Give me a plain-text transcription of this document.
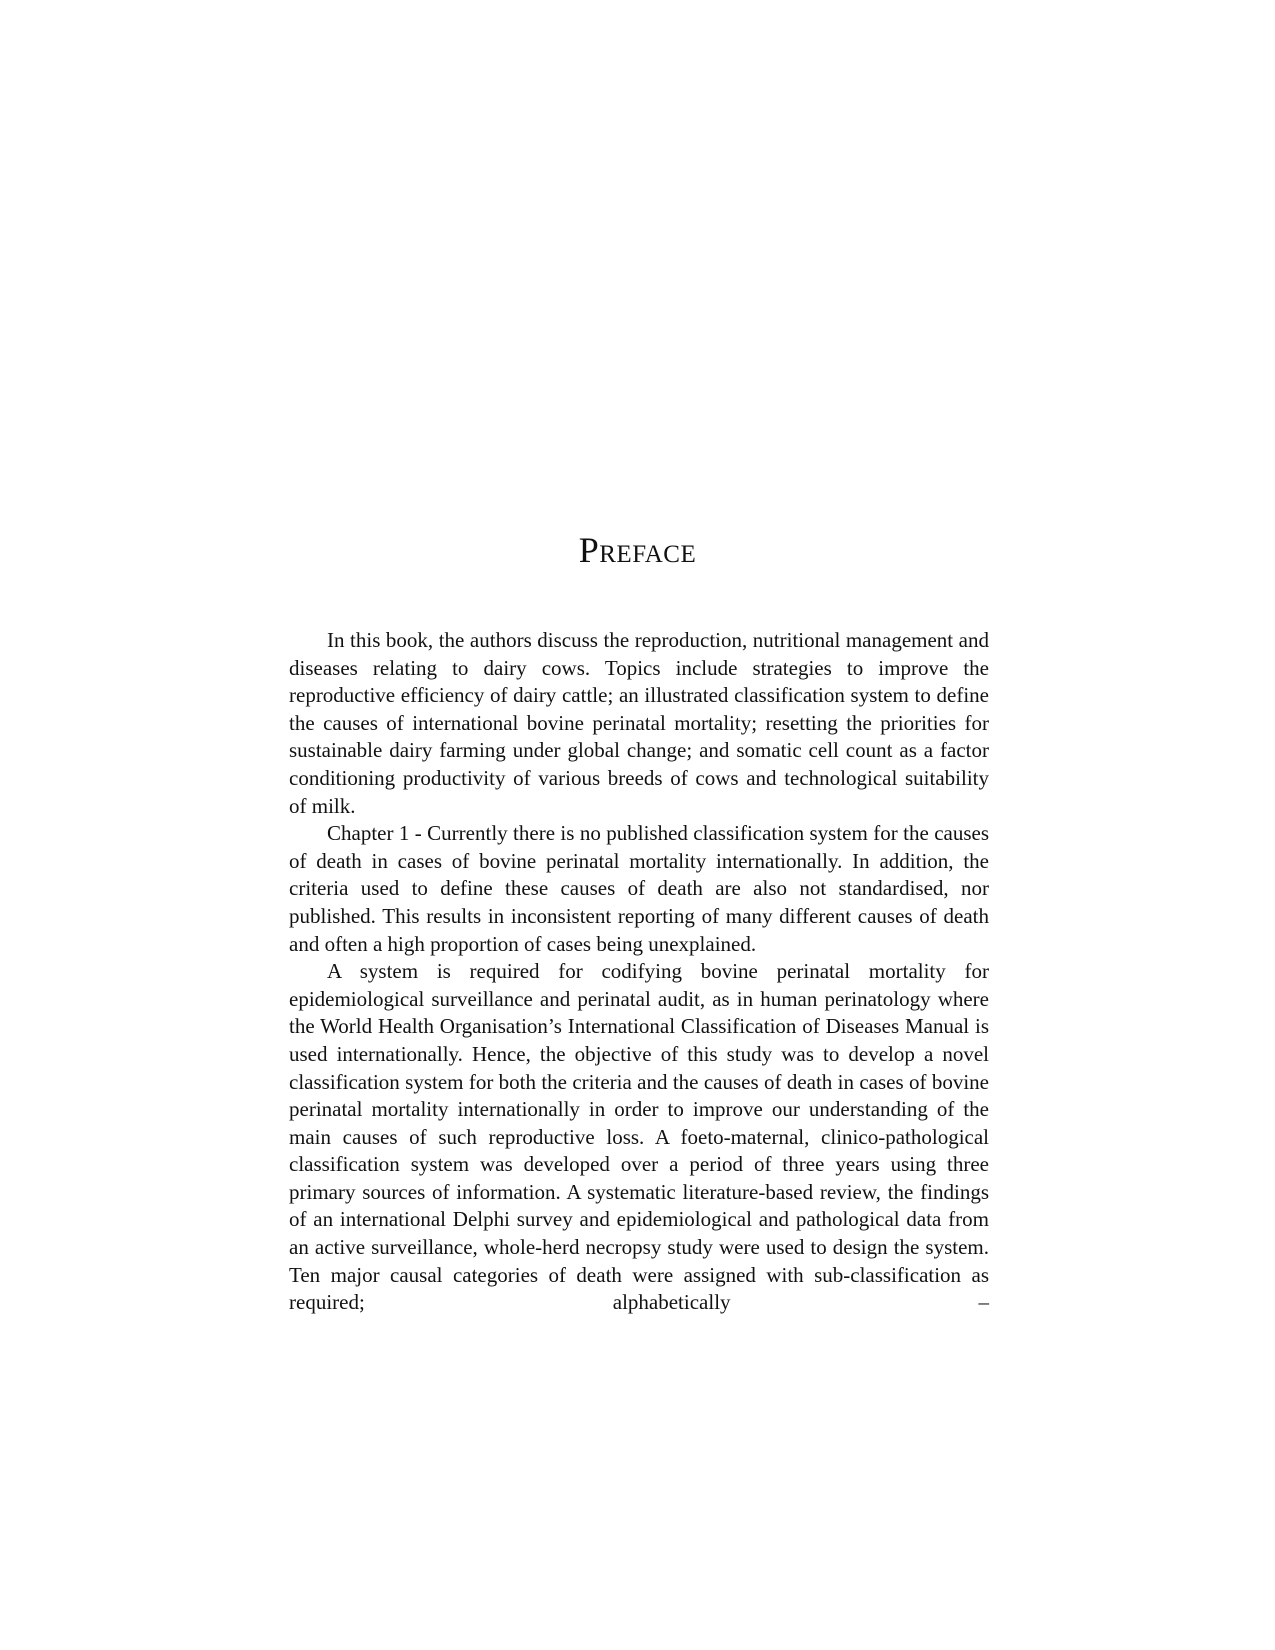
Preface

In this book, the authors discuss the reproduction, nutritional management and diseases relating to dairy cows. Topics include strategies to improve the reproductive efficiency of dairy cattle; an illustrated classification system to define the causes of international bovine perinatal mortality; resetting the priorities for sustainable dairy farming under global change; and somatic cell count as a factor conditioning productivity of various breeds of cows and technological suitability of milk.

Chapter 1 - Currently there is no published classification system for the causes of death in cases of bovine perinatal mortality internationally. In addition, the criteria used to define these causes of death are also not standardised, nor published. This results in inconsistent reporting of many different causes of death and often a high proportion of cases being unexplained.

A system is required for codifying bovine perinatal mortality for epidemiological surveillance and perinatal audit, as in human perinatology where the World Health Organisation’s International Classification of Diseases Manual is used internationally. Hence, the objective of this study was to develop a novel classification system for both the criteria and the causes of death in cases of bovine perinatal mortality internationally in order to improve our understanding of the main causes of such reproductive loss. A foeto-maternal, clinico-pathological classification system was developed over a period of three years using three primary sources of information. A systematic literature-based review, the findings of an international Delphi survey and epidemiological and pathological data from an active surveillance, whole-herd necropsy study were used to design the system. Ten major causal categories of death were assigned with sub-classification as required; alphabetically –
